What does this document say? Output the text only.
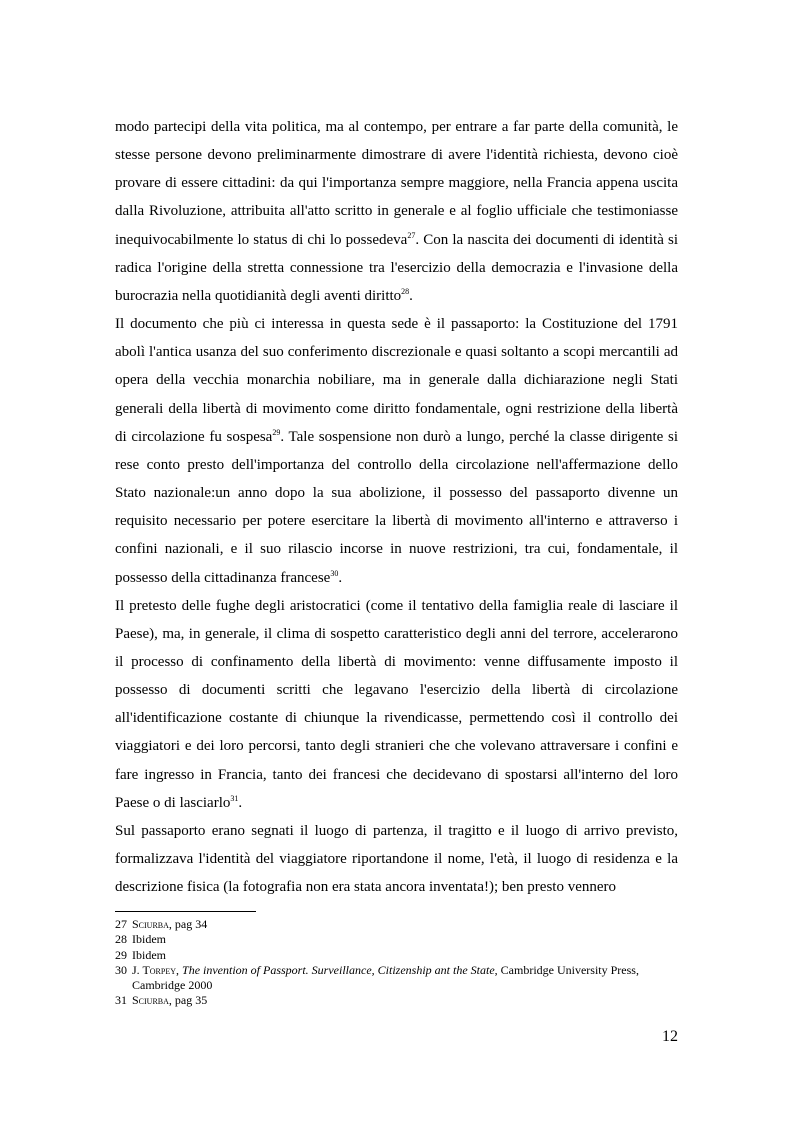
modo partecipi della vita politica, ma al contempo, per entrare a far parte della comunità, le stesse persone devono preliminarmente dimostrare di avere l'identità richiesta, devono cioè provare di essere cittadini: da qui l'importanza sempre maggiore, nella Francia appena uscita dalla Rivoluzione, attribuita all'atto scritto in generale e al foglio ufficiale che testimoniasse inequivocabilmente lo status di chi lo possedeva$^{27}$. Con la nascita dei documenti di identità si radica l'origine della stretta connessione tra l'esercizio della democrazia e l'invasione della burocrazia nella quotidianità degli aventi diritto$^{28}$.

Il documento che più ci interessa in questa sede è il passaporto: la Costituzione del 1791 abolì l'antica usanza del suo conferimento discrezionale e quasi soltanto a scopi mercantili ad opera della vecchia monarchia nobiliare, ma in generale dalla dichiarazione negli Stati generali della libertà di movimento come diritto fondamentale, ogni restrizione della libertà di circolazione fu sospesa$^{29}$. Tale sospensione non durò a lungo, perché la classe dirigente si rese conto presto dell'importanza del controllo della circolazione nell'affermazione dello Stato nazionale:un anno dopo la sua abolizione, il possesso del passaporto divenne un requisito necessario per potere esercitare la libertà di movimento all'interno e attraverso i confini nazionali, e il suo rilascio incorse in nuove restrizioni, tra cui, fondamentale, il possesso della cittadinanza francese$^{30}$.

Il pretesto delle fughe degli aristocratici (come il tentativo della famiglia reale di lasciare il Paese), ma, in generale, il clima di sospetto caratteristico degli anni del terrore, accelerarono il processo di confinamento della libertà di movimento: venne diffusamente imposto il possesso di documenti scritti che legavano l'esercizio della libertà di circolazione all'identificazione costante di chiunque la rivendicasse, permettendo così il controllo dei viaggiatori e dei loro percorsi, tanto degli stranieri che che volevano attraversare i confini e fare ingresso in Francia, tanto dei francesi che decidevano di spostarsi all'interno del loro Paese o di lasciarlo$^{31}$.

Sul passaporto erano segnati il luogo di partenza, il tragitto e il luogo di arrivo previsto, formalizzava l'identità del viaggiatore riportandone il nome, l'età, il luogo di residenza e la descrizione fisica (la fotografia non era stata ancora inventata!); ben presto vennero

27 Sciurba, pag 34
28 Ibidem
29 Ibidem
30 J. Torpey, The invention of Passport. Surveillance, Citizenship ant the State, Cambridge University Press, Cambridge 2000
31 Sciurba, pag 35
12
